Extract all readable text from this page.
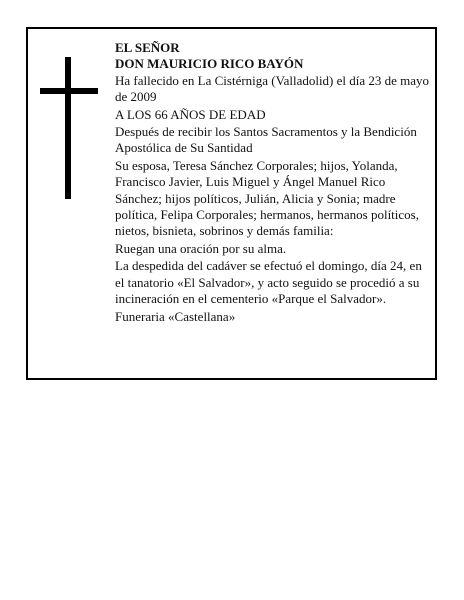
EL SEÑOR

DON MAURICIO RICO BAYÓN

Ha fallecido en La Cistérniga (Valladolid) el día 23 de mayo de 2009

A LOS 66 AÑOS DE EDAD

Después de recibir los Santos Sacramentos y la Bendición Apostólica de Su Santidad

Su esposa, Teresa Sánchez Corporales; hijos, Yolanda, Francisco Javier, Luis Miguel y Ángel Manuel Rico Sánchez; hijos políticos, Julián, Alicia y Sonia; madre política, Felipa Corporales; hermanos, hermanos políticos, nietos, bisnieta, sobrinos y demás familia:

Ruegan una oración por su alma.

La despedida del cadáver se efectuó el domingo, día 24, en el tanatorio «El Salvador», y acto seguido se procedió a su incineración en el cementerio «Parque el Salvador».

Funeraria «Castellana»
